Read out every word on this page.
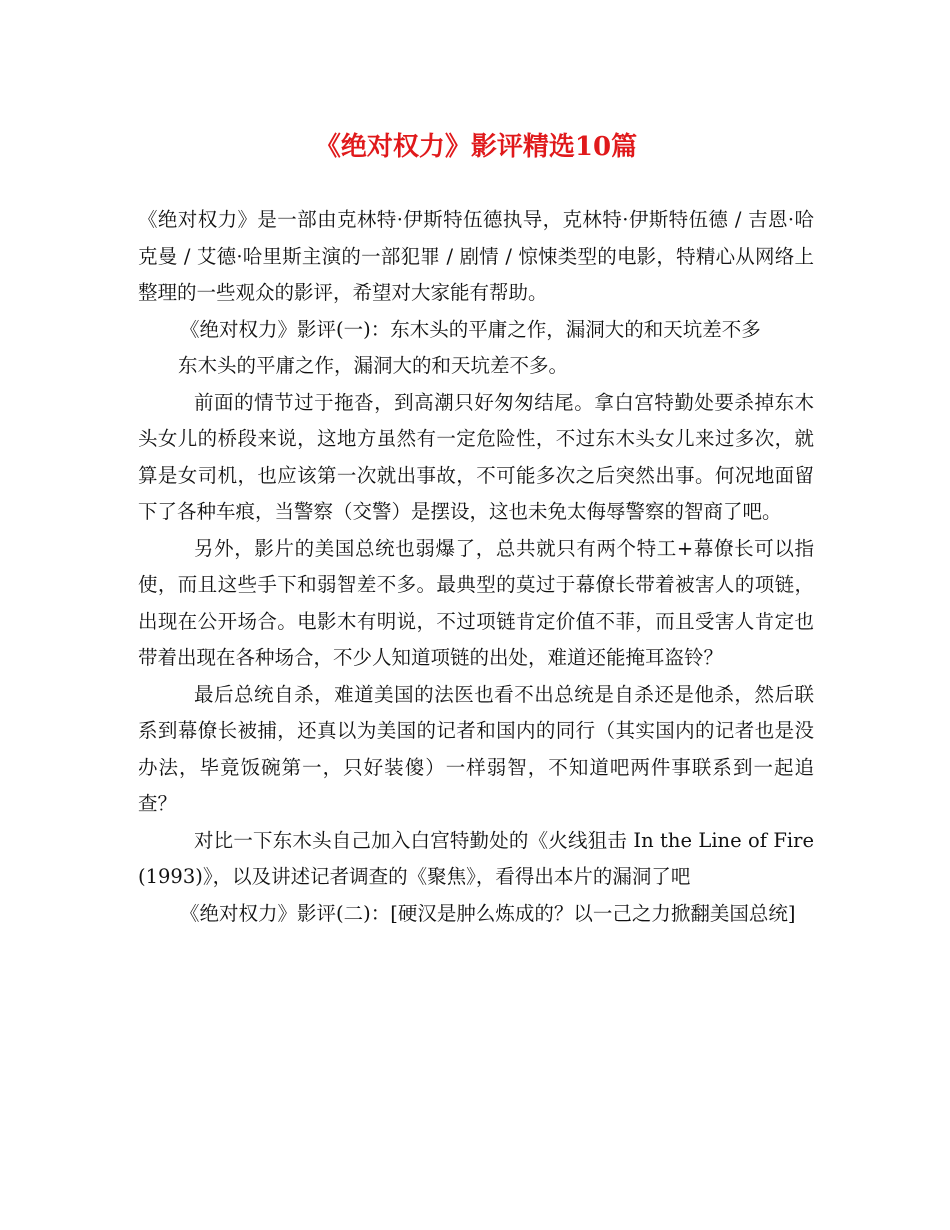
《绝对权力》影评精选10篇

《绝对权力》是一部由克林特·伊斯特伍德执导，克林特·伊斯特伍德 / 吉恩·哈克曼 / 艾德·哈里斯主演的一部犯罪 / 剧情 / 惊悚类型的电影，特精心从网络上整理的一些观众的影评，希望对大家能有帮助。

《绝对权力》影评(一)：东木头的平庸之作，漏洞大的和天坑差不多

东木头的平庸之作，漏洞大的和天坑差不多。

前面的情节过于拖沓，到高潮只好匆匆结尾。拿白宫特勤处要杀掉东木头女儿的桥段来说，这地方虽然有一定危险性，不过东木头女儿来过多次，就算是女司机，也应该第一次就出事故，不可能多次之后突然出事。何况地面留下了各种车痕，当警察（交警）是摆设，这也未免太侮辱警察的智商了吧。

另外，影片的美国总统也弱爆了，总共就只有两个特工+幕僚长可以指使，而且这些手下和弱智差不多。最典型的莫过于幕僚长带着被害人的项链，出现在公开场合。电影木有明说，不过项链肯定价值不菲，而且受害人肯定也带着出现在各种场合，不少人知道项链的出处，难道还能掩耳盗铃？

最后总统自杀，难道美国的法医也看不出总统是自杀还是他杀，然后联系到幕僚长被捕，还真以为美国的记者和国内的同行（其实国内的记者也是没办法，毕竟饭碗第一，只好装傻）一样弱智，不知道吧两件事联系到一起追查？

对比一下东木头自己加入白宫特勤处的《火线狙击 In the Line of Fire (1993)》，以及讲述记者调查的《聚焦》，看得出本片的漏洞了吧

《绝对权力》影评(二)：[硬汉是肿么炼成的？以一己之力掀翻美国总统]
